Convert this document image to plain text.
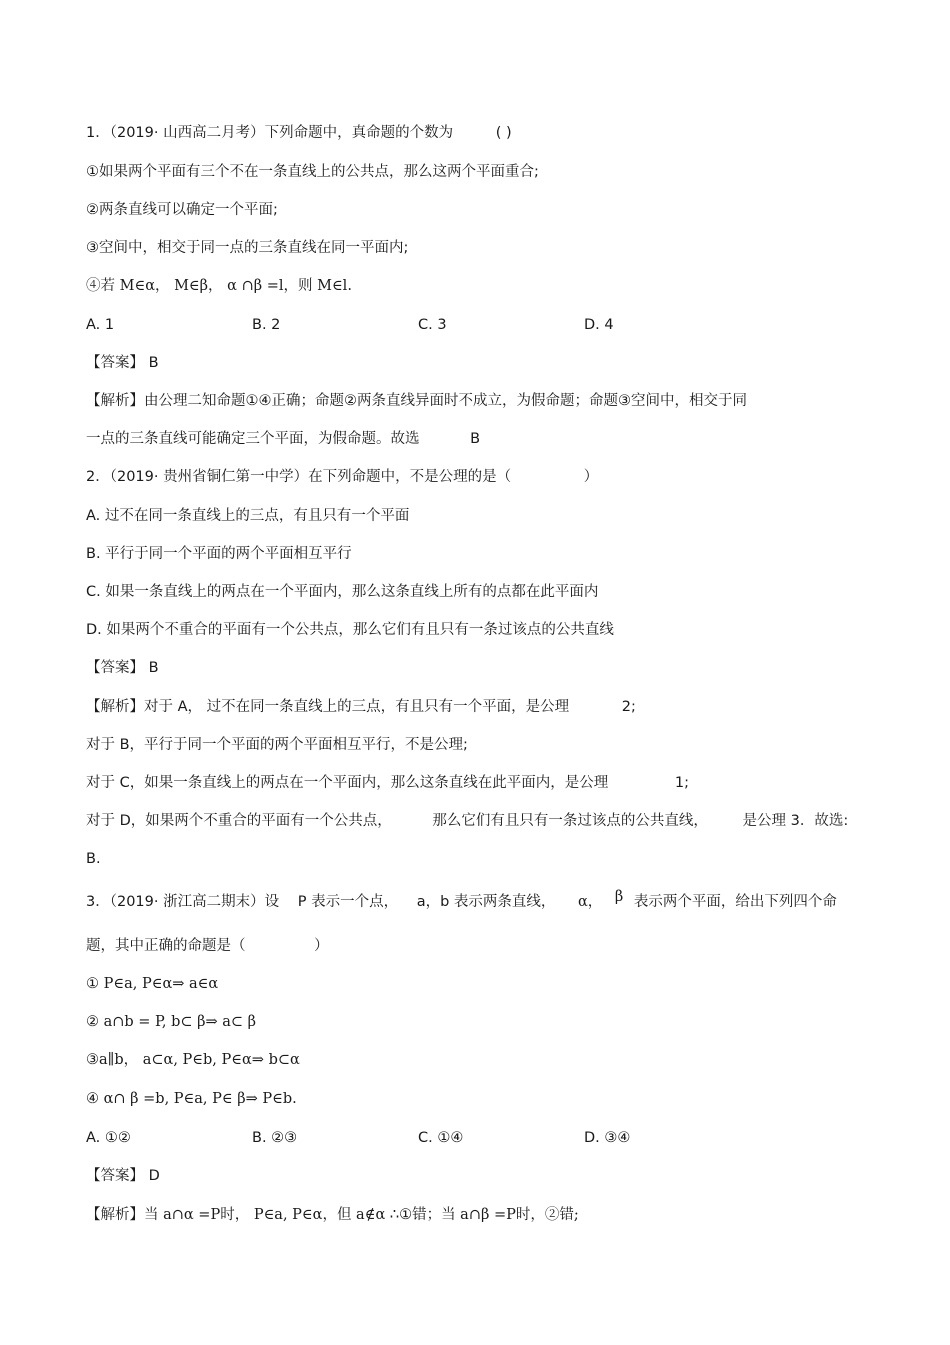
1．（2019· 山西高二月考）下列命题中，真命题的个数为	( )
①如果两个平面有三个不在一条直线上的公共点，那么这两个平面重合;
②两条直线可以确定一个平面;
③空间中，相交于同一点的三条直线在同一平面内;
④若 M∈α， M∈β， α ∩β =l，则 M∈l.
A. 1	B. 2	C. 3	D. 4
【答案】 B
【解析】由公理二知命题①④正确；命题②两条直线异面时不成立，为假命题；命题③空间中，相交于同
一点的三条直线可能确定三个平面，为假命题。故选	B
2．（2019· 贵州省铜仁第一中学）在下列命题中，不是公理的是（	）
A. 过不在同一条直线上的三点，有且只有一个平面
B. 平行于同一个平面的两个平面相互平行
C. 如果一条直线上的两点在一个平面内，那么这条直线上所有的点都在此平面内
D. 如果两个不重合的平面有一个公共点，那么它们有且只有一条过该点的公共直线
【答案】 B
【解析】对于 A， 过不在同一条直线上的三点，有且只有一个平面，是公理	2;
对于 B，平行于同一个平面的两个平面相互平行，不是公理;
对于 C，如果一条直线上的两点在一个平面内，那么这条直线在此平面内，是公理	1;
对于 D，如果两个不重合的平面有一个公共点，	那么它们有且只有一条过该点的公共直线， 是公理 3．故选:
B.
3．（2019· 浙江高二期末）设 P 表示一个点， a，b 表示两条直线， α， β 表示两个平面，给出下列四个命
题，其中正确的命题是（	）
① P∈a, P∈α⇒ a∈α
② a∩b = P, b⊂ β⇒ a⊂ β
③a∥b， a⊂α, P∈b, P∈α⇒ b⊂α
④ α∩ β =b, P∈a, P∈ β⇒ P∈b.
A. ①②	B. ②③	C. ①④	D. ③④
【答案】 D
【解析】当 a∩α =P时， P∈a, P∈α，但 a∉α ∴①错；当 a∩β =P时，②错;
